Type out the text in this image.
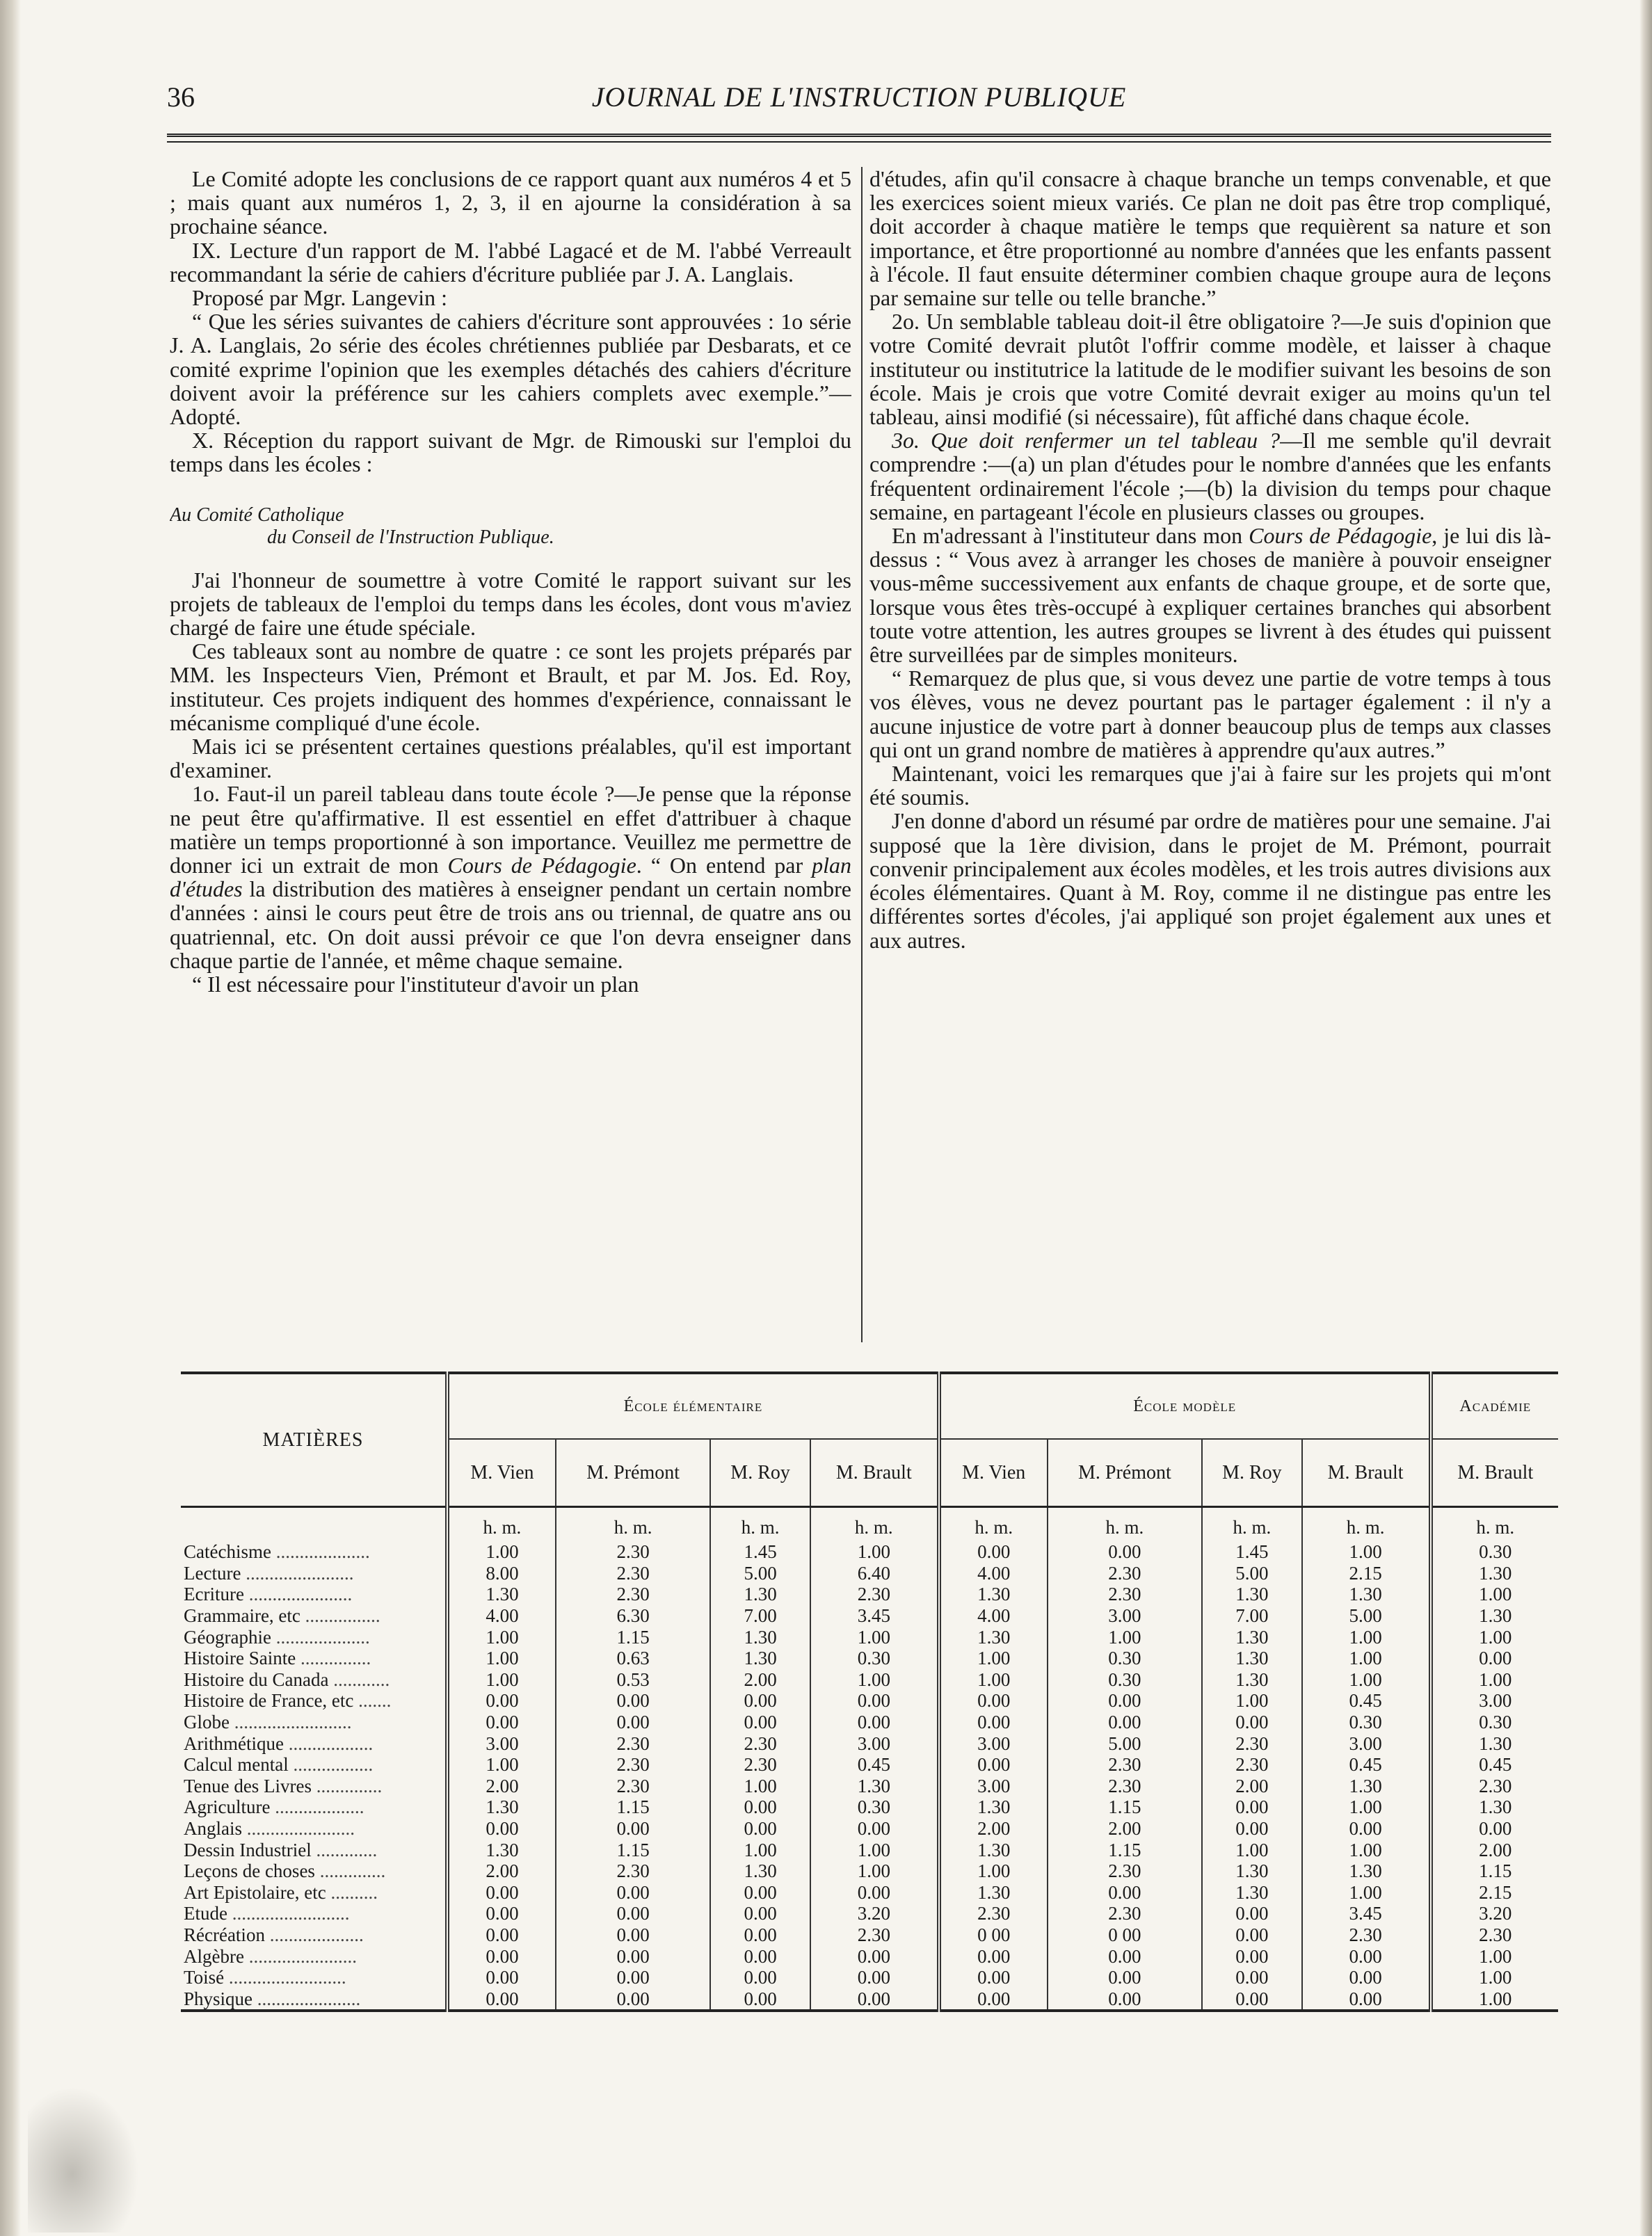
36	JOURNAL DE L'INSTRUCTION PUBLIQUE

Le Comité adopte les conclusions de ce rapport quant aux numéros 4 et 5 ; mais quant aux numéros 1, 2, 3, il en ajourne la considération à sa prochaine séance.

IX. Lecture d'un rapport de M. l'abbé Lagacé et de M. l'abbé Verreault recommandant la série de cahiers d'écriture publiée par J. A. Langlais.

Proposé par Mgr. Langevin :

“ Que les séries suivantes de cahiers d'écriture sont approuvées : 1o série J. A. Langlais, 2o série des écoles chrétiennes publiée par Desbarats, et ce comité exprime l'opinion que les exemples détachés des cahiers d'écriture doivent avoir la préférence sur les cahiers complets avec exemple.”—Adopté.

X. Réception du rapport suivant de Mgr. de Rimouski sur l'emploi du temps dans les écoles :

Au Comité Catholique
du Conseil de l'Instruction Publique.

J'ai l'honneur de soumettre à votre Comité le rapport suivant sur les projets de tableaux de l'emploi du temps dans les écoles, dont vous m'aviez chargé de faire une étude spéciale.

Ces tableaux sont au nombre de quatre : ce sont les projets préparés par MM. les Inspecteurs Vien, Prémont et Brault, et par M. Jos. Ed. Roy, instituteur. Ces projets indiquent des hommes d'expérience, connaissant le mécanisme compliqué d'une école.

Mais ici se présentent certaines questions préalables, qu'il est important d'examiner.

1o. Faut-il un pareil tableau dans toute école ?—Je pense que la réponse ne peut être qu'affirmative. Il est essentiel en effet d'attribuer à chaque matière un temps proportionné à son importance. Veuillez me permettre de donner ici un extrait de mon Cours de Pédagogie. “ On entend par plan d'études la distribution des matières à enseigner pendant un certain nombre d'années : ainsi le cours peut être de trois ans ou triennal, de quatre ans ou quatriennal, etc. On doit aussi prévoir ce que l'on devra enseigner dans chaque partie de l'année, et même chaque semaine.

“ Il est nécessaire pour l'instituteur d'avoir un plan

d'études, afin qu'il consacre à chaque branche un temps convenable, et que les exercices soient mieux variés. Ce plan ne doit pas être trop compliqué, doit accorder à chaque matière le temps que requièrent sa nature et son importance, et être proportionné au nombre d'années que les enfants passent à l'école. Il faut ensuite déterminer combien chaque groupe aura de leçons par semaine sur telle ou telle branche.”

2o. Un semblable tableau doit-il être obligatoire ?—Je suis d'opinion que votre Comité devrait plutôt l'offrir comme modèle, et laisser à chaque instituteur ou institutrice la latitude de le modifier suivant les besoins de son école. Mais je crois que votre Comité devrait exiger au moins qu'un tel tableau, ainsi modifié (si nécessaire), fût affiché dans chaque école.

3o. Que doit renfermer un tel tableau ?—Il me semble qu'il devrait comprendre :—(a) un plan d'études pour le nombre d'années que les enfants fréquentent ordinairement l'école ;—(b) la division du temps pour chaque semaine, en partageant l'école en plusieurs classes ou groupes.

En m'adressant à l'instituteur dans mon Cours de Pédagogie, je lui dis là-dessus : “ Vous avez à arranger les choses de manière à pouvoir enseigner vous-même successivement aux enfants de chaque groupe, et de sorte que, lorsque vous êtes très-occupé à expliquer certaines branches qui absorbent toute votre attention, les autres groupes se livrent à des études qui puissent être surveillées par de simples moniteurs.

“ Remarquez de plus que, si vous devez une partie de votre temps à tous vos élèves, vous ne devez pourtant pas le partager également : il n'y a aucune injustice de votre part à donner beaucoup plus de temps aux classes qui ont un grand nombre de matières à apprendre qu'aux autres.”

Maintenant, voici les remarques que j'ai à faire sur les projets qui m'ont été soumis.

J'en donne d'abord un résumé par ordre de matières pour une semaine. J'ai supposé que la 1ère division, dans le projet de M. Prémont, pourrait convenir principalement aux écoles modèles, et les trois autres divisions aux écoles élémentaires. Quant à M. Roy, comme il ne distingue pas entre les différentes sortes d'écoles, j'ai appliqué son projet également aux unes et aux autres.

MATIÈRES	École élémentaire				École modèle				Académie
	M. Vien	M. Prémont	M. Roy	M. Brault	M. Vien	M. Prémont	M. Roy	M. Brault	M. Brault
	h. m.	h. m.	h. m.	h. m.	h. m.	h. m.	h. m.	h. m.	h. m.
Catéchisme ....................	1.00	2.30	1.45	1.00	0.00	0.00	1.45	1.00	0.30
Lecture .......................	8.00	2.30	5.00	6.40	4.00	2.30	5.00	2.15	1.30
Ecriture ......................	1.30	2.30	1.30	2.30	1.30	2.30	1.30	1.30	1.00
Grammaire, etc ................	4.00	6.30	7.00	3.45	4.00	3.00	7.00	5.00	1.30
Géographie ....................	1.00	1.15	1.30	1.00	1.30	1.00	1.30	1.00	1.00
Histoire Sainte ...............	1.00	0.63	1.30	0.30	1.00	0.30	1.30	1.00	0.00
Histoire du Canada ............	1.00	0.53	2.00	1.00	1.00	0.30	1.30	1.00	1.00
Histoire de France, etc .......	0.00	0.00	0.00	0.00	0.00	0.00	1.00	0.45	3.00
Globe .........................	0.00	0.00	0.00	0.00	0.00	0.00	0.00	0.30	0.30
Arithmétique ..................	3.00	2.30	2.30	3.00	3.00	5.00	2.30	3.00	1.30
Calcul mental .................	1.00	2.30	2.30	0.45	0.00	2.30	2.30	0.45	0.45
Tenue des Livres ..............	2.00	2.30	1.00	1.30	3.00	2.30	2.00	1.30	2.30
Agriculture ...................	1.30	1.15	0.00	0.30	1.30	1.15	0.00	1.00	1.30
Anglais .......................	0.00	0.00	0.00	0.00	2.00	2.00	0.00	0.00	0.00
Dessin Industriel .............	1.30	1.15	1.00	1.00	1.30	1.15	1.00	1.00	2.00
Leçons de choses ..............	2.00	2.30	1.30	1.00	1.00	2.30	1.30	1.30	1.15
Art Epistolaire, etc ..........	0.00	0.00	0.00	0.00	1.30	0.00	1.30	1.00	2.15
Etude .........................	0.00	0.00	0.00	3.20	2.30	2.30	0.00	3.45	3.20
Récréation ....................	0.00	0.00	0.00	2.30	0 00	0 00	0.00	2.30	2.30
Algèbre .......................	0.00	0.00	0.00	0.00	0.00	0.00	0.00	0.00	1.00
Toisé .........................	0.00	0.00	0.00	0.00	0.00	0.00	0.00	0.00	1.00
Physique ......................	0.00	0.00	0.00	0.00	0.00	0.00	0.00	0.00	1.00
